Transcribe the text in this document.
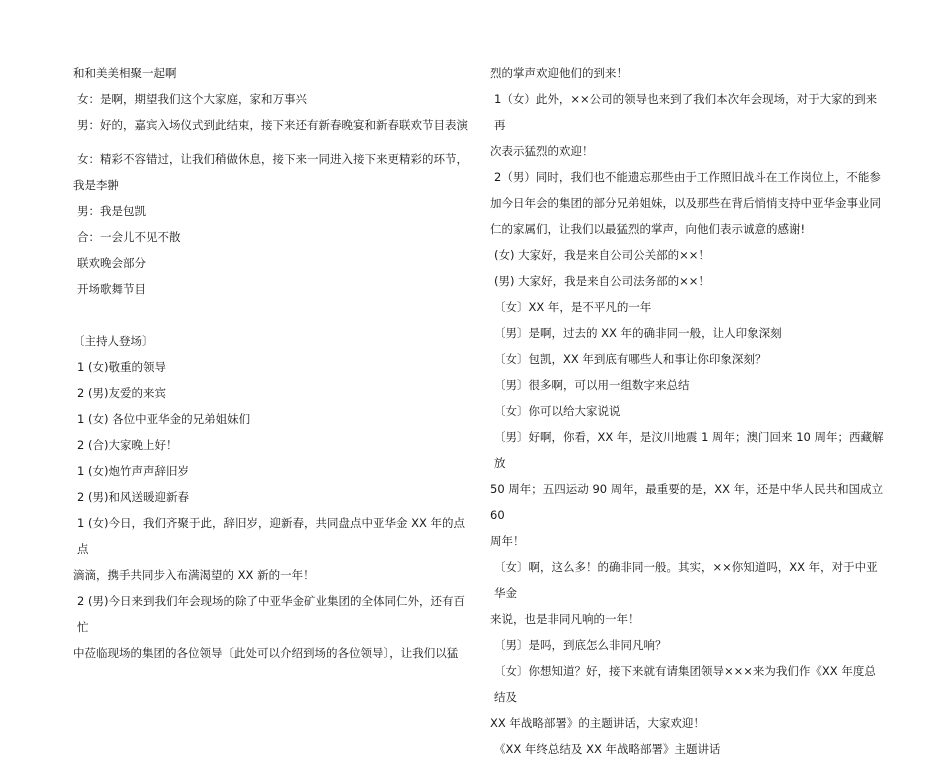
和和美美相聚一起啊

女：是啊，期望我们这个大家庭，家和万事兴

男：好的，嘉宾入场仪式到此结束，接下来还有新春晚宴和新春联欢节目表演

女：精彩不容错过，让我们稍做休息，接下来一同进入接下来更精彩的环节，

我是李翀

男：我是包凯

合：一会儿不见不散

联欢晚会部分

开场歌舞节目

〔主持人登场〕

1 (女)敬重的领导

2 (男)友爱的来宾

1 (女) 各位中亚华金的兄弟姐妹们

2 (合)大家晚上好！

1 (女)炮竹声声辞旧岁

2 (男)和风送暖迎新春

1 (女)今日，我们齐聚于此，辞旧岁，迎新春，共同盘点中亚华金 XX 年的点点

滴滴，携手共同步入布满渴望的 XX 新的一年！

2 (男)今日来到我们年会现场的除了中亚华金矿业集团的全体同仁外，还有百忙

中莅临现场的集团的各位领导〔此处可以介绍到场的各位领导〕，让我们以猛

烈的掌声欢迎他们的到来！

1（女）此外，××公司的领导也来到了我们本次年会现场，对于大家的到来再

次表示猛烈的欢迎！

2（男）同时，我们也不能遗忘那些由于工作照旧战斗在工作岗位上，不能参

加今日年会的集团的部分兄弟姐妹，以及那些在背后悄悄支持中亚华金事业同

仁的家属们，让我们以最猛烈的掌声，向他们表示诚意的感谢!

(女) 大家好，我是来自公司公关部的××！

(男) 大家好，我是来自公司法务部的××！

〔女〕XX 年，是不平凡的一年

〔男〕是啊，过去的 XX 年的确非同一般，让人印象深刻

〔女〕包凯，XX 年到底有哪些人和事让你印象深刻？

〔男〕很多啊，可以用一组数字来总结

〔女〕你可以给大家说说

〔男〕好啊，你看，XX 年，是汶川地震 1 周年；澳门回来 10 周年；西藏解放

50 周年；五四运动 90 周年，最重要的是，XX 年，还是中华人民共和国成立 60

周年！

〔女〕啊，这么多！的确非同一般。其实，××你知道吗，XX 年，对于中亚华金

来说，也是非同凡响的一年！

〔男〕是吗，到底怎么非同凡响？

〔女〕你想知道？好，接下来就有请集团领导×××来为我们作《XX 年度总结及

XX 年战略部署》的主题讲话，大家欢迎！

《XX 年终总结及 XX 年战略部署》主题讲话
